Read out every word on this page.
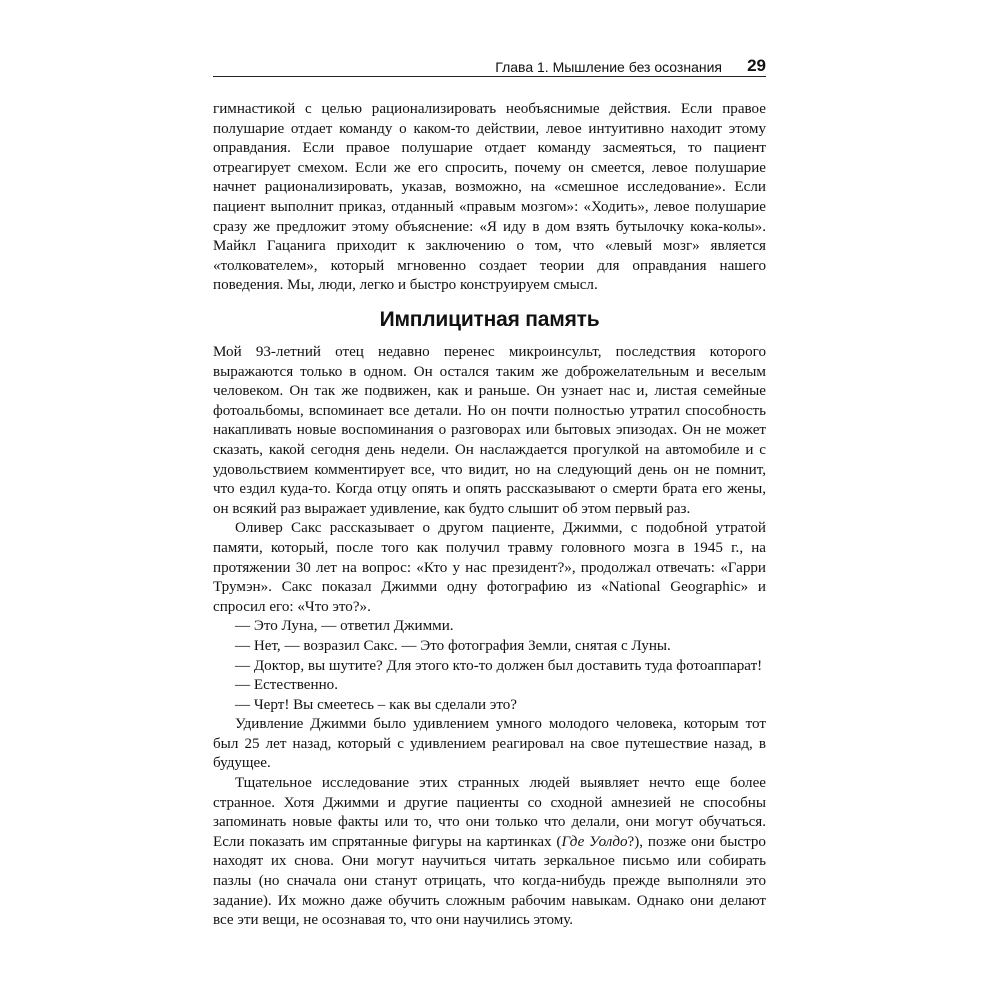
Глава 1. Мышление без осознания 29

гимнастикой с целью рационализировать необъяснимые действия. Если правое полушарие отдает команду о каком-то действии, левое интуитивно находит этому оправдания. Если правое полушарие отдает команду засмеяться, то пациент отреагирует смехом. Если же его спросить, почему он смеется, левое полушарие начнет рационализировать, указав, возможно, на «смешное исследование». Если пациент выполнит приказ, отданный «правым мозгом»: «Ходить», левое полушарие сразу же предложит этому объяснение: «Я иду в дом взять бутылочку кока-колы». Майкл Гацанига приходит к заключению о том, что «левый мозг» является «толкователем», который мгновенно создает теории для оправдания нашего поведения. Мы, люди, легко и быстро конструируем смысл.

Имплицитная память

Мой 93-летний отец недавно перенес микроинсульт, последствия которого выражаются только в одном. Он остался таким же доброжелательным и веселым человеком. Он так же подвижен, как и раньше. Он узнает нас и, листая семейные фотоальбомы, вспоминает все детали. Но он почти полностью утратил способность накапливать новые воспоминания о разговорах или бытовых эпизодах. Он не может сказать, какой сегодня день недели. Он наслаждается прогулкой на автомобиле и с удовольствием комментирует все, что видит, но на следующий день он не помнит, что ездил куда-то. Когда отцу опять и опять рассказывают о смерти брата его жены, он всякий раз выражает удивление, как будто слышит об этом первый раз.

Оливер Сакс рассказывает о другом пациенте, Джимми, с подобной утратой памяти, который, после того как получил травму головного мозга в 1945 г., на протяжении 30 лет на вопрос: «Кто у нас президент?», продолжал отвечать: «Гарри Трумэн». Сакс показал Джимми одну фотографию из «National Geographic» и спросил его: «Что это?».

— Это Луна, — ответил Джимми.

— Нет, — возразил Сакс. — Это фотография Земли, снятая с Луны.

— Доктор, вы шутите? Для этого кто-то должен был доставить туда фотоаппарат!

— Естественно.

— Черт! Вы смеетесь – как вы сделали это?

Удивление Джимми было удивлением умного молодого человека, которым тот был 25 лет назад, который с удивлением реагировал на свое путешествие назад, в будущее.

Тщательное исследование этих странных людей выявляет нечто еще более странное. Хотя Джимми и другие пациенты со сходной амнезией не способны запоминать новые факты или то, что они только что делали, они могут обучаться. Если показать им спрятанные фигуры на картинках (Где Уолдо?), позже они быстро находят их снова. Они могут научиться читать зеркальное письмо или собирать пазлы (но сначала они станут отрицать, что когда-нибудь прежде выполняли это задание). Их можно даже обучить сложным рабочим навыкам. Однако они делают все эти вещи, не осознавая то, что они научились этому.
